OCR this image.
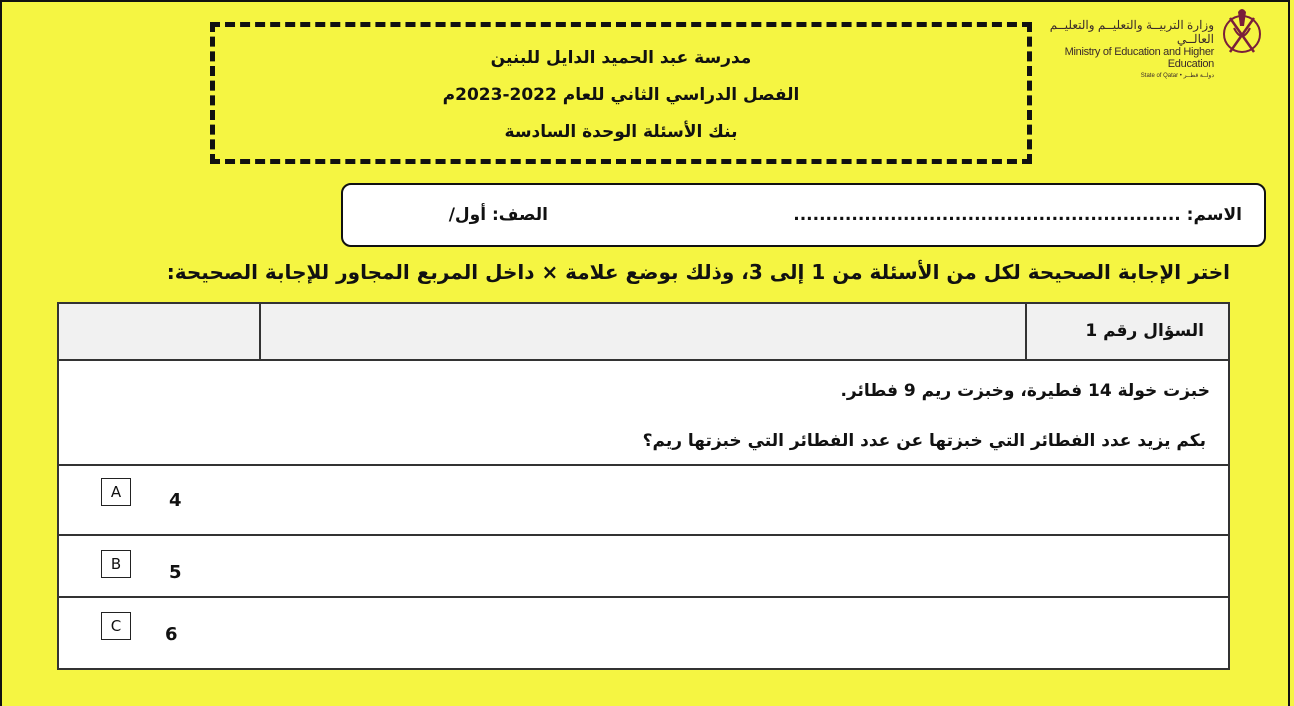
وزارة التربيــة والتعليــم والتعليــم العالــي
Ministry of Education and Higher Education
State of Qatar • دولــة قطــر
مدرسة عبد الحميد الدايل للبنين
الفصل الدراسي الثاني للعام 2022-2023م
بنك الأسئلة الوحدة السادسة
الاسم: ............................................................
الصف: أول/
اختر الإجابة الصحيحة لكل من الأسئلة من 1 إلى 3، وذلك بوضع علامة × داخل المربع المجاور للإجابة الصحيحة:
السؤال رقم 1
خبزت خولة 14 فطيرة، وخبزت ريم 9 فطائر.
بكم يزيد عدد الفطائر التي خبزتها عن عدد الفطائر التي خبزتها ريم؟
A	4
B	5
C	6
